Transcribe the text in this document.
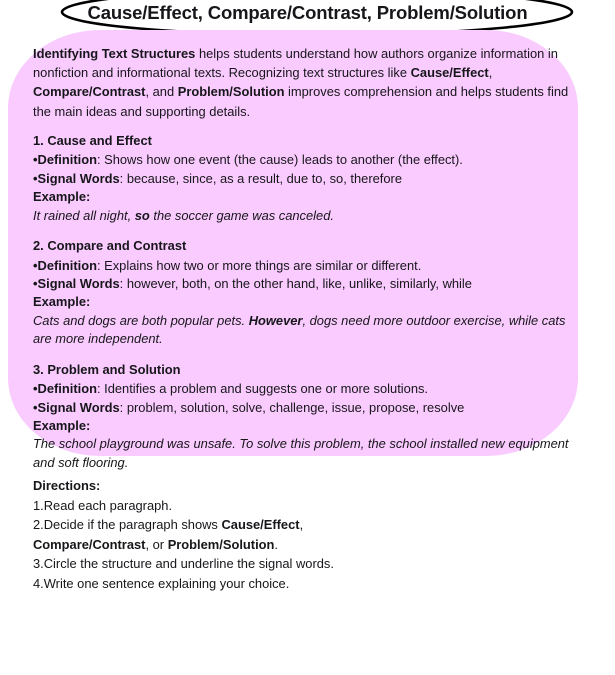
Cause/Effect, Compare/Contrast, Problem/Solution

Identifying Text Structures helps students understand how authors organize information in nonfiction and informational texts. Recognizing text structures like Cause/Effect, Compare/Contrast, and Problem/Solution improves comprehension and helps students find the main ideas and supporting details.

1. Cause and Effect

•Definition: Shows how one event (the cause) leads to another (the effect).

•Signal Words: because, since, as a result, due to, so, therefore

Example:

It rained all night, so the soccer game was canceled.

2. Compare and Contrast

•Definition: Explains how two or more things are similar or different.

•Signal Words: however, both, on the other hand, like, unlike, similarly, while

Example:

Cats and dogs are both popular pets. However, dogs need more outdoor exercise, while cats are more independent.

3. Problem and Solution

•Definition: Identifies a problem and suggests one or more solutions.

•Signal Words: problem, solution, solve, challenge, issue, propose, resolve

Example:

The school playground was unsafe. To solve this problem, the school installed new equipment and soft flooring.

Directions:

1.Read each paragraph.

2.Decide if the paragraph shows Cause/Effect, Compare/Contrast, or Problem/Solution.

3.Circle the structure and underline the signal words.

4.Write one sentence explaining your choice.
